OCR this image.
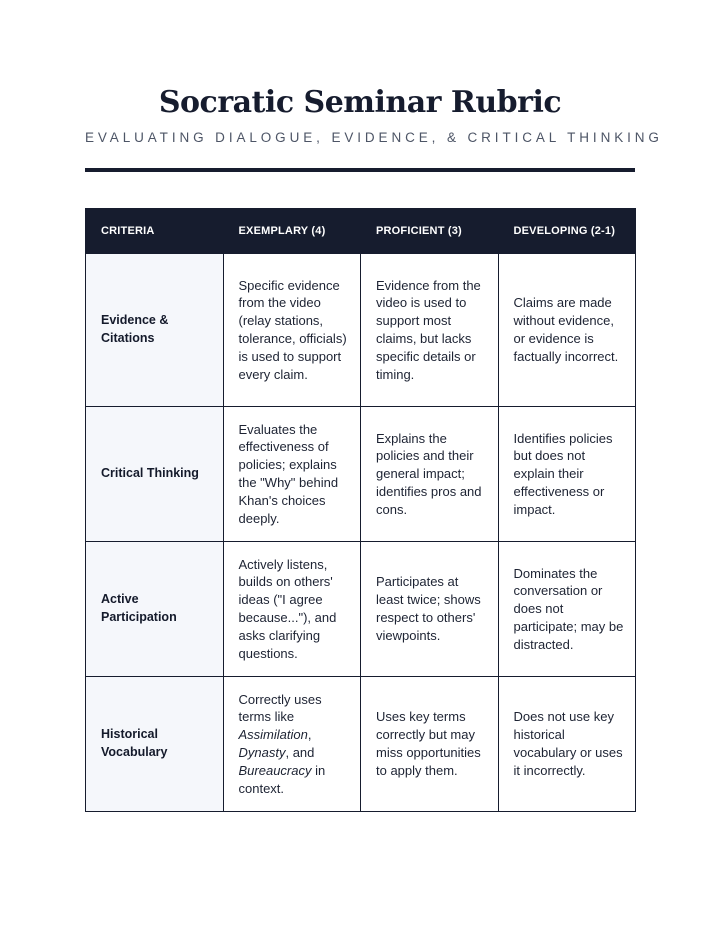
Socratic Seminar Rubric
EVALUATING DIALOGUE, EVIDENCE, & CRITICAL THINKING
CRITERIA	EXEMPLARY (4)	PROFICIENT (3)	DEVELOPING (2-1)
Evidence & Citations	Specific evidence from the video (relay stations, tolerance, officials) is used to support every claim.	Evidence from the video is used to support most claims, but lacks specific details or timing.	Claims are made without evidence, or evidence is factually incorrect.
Critical Thinking	Evaluates the effectiveness of policies; explains the "Why" behind Khan's choices deeply.	Explains the policies and their general impact; identifies pros and cons.	Identifies policies but does not explain their effectiveness or impact.
Active Participation	Actively listens, builds on others' ideas ("I agree because..."), and asks clarifying questions.	Participates at least twice; shows respect to others' viewpoints.	Dominates the conversation or does not participate; may be distracted.
Historical Vocabulary	Correctly uses terms like Assimilation, Dynasty, and Bureaucracy in context.	Uses key terms correctly but may miss opportunities to apply them.	Does not use key historical vocabulary or uses it incorrectly.
